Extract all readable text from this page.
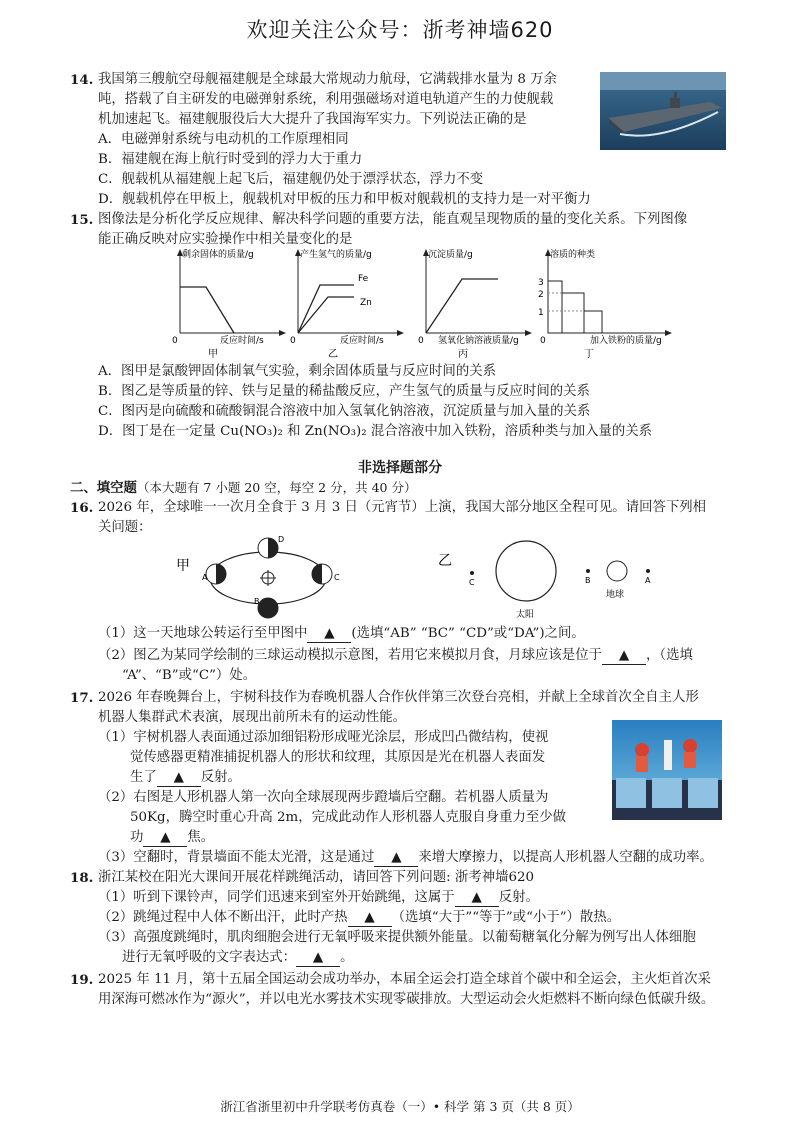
欢迎关注公众号：浙考神墙620
14. 我国第三艘航空母舰福建舰是全球最大常规动力航母，它满载排水量为 8 万余
吨，搭载了自主研发的电磁弹射系统，利用强磁场对道电轨道产生的力使舰载
机加速起飞。福建舰服役后大大提升了我国海军实力。下列说法正确的是
A．电磁弹射系统与电动机的工作原理相同
B．福建舰在海上航行时受到的浮力大于重力
C．舰载机从福建舰上起飞后，福建舰仍处于漂浮状态，浮力不变
D．舰载机停在甲板上，舰载机对甲板的压力和甲板对舰载机的支持力是一对平衡力
15. 图像法是分析化学反应规律、解决科学问题的重要方法，能直观呈现物质的量的变化关系。下列图像
能正确反映对应实验操作中相关量变化的是
剩余固体的质量/g
0	反应时间/s
甲
产生氢气的质量/g
Fe
Zn
0	反应时间/s
乙
沉淀质量/g
0 氢氧化钠溶液质量/g
丙
溶质的种类
3
2
1
0	加入铁粉的质量/g
丁
A．图甲是氯酸钾固体制氧气实验，剩余固体质量与反应时间的关系
B．图乙是等质量的锌、铁与足量的稀盐酸反应，产生氢气的质量与反应时间的关系
C．图丙是向硫酸和硫酸铜混合溶液中加入氢氧化钠溶液，沉淀质量与加入量的关系
D．图丁是在一定量 Cu(NO₃)₂ 和 Zn(NO₃)₂ 混合溶液中加入铁粉，溶质种类与加入量的关系
非选择题部分
二、填空题（本大题有 7 小题 20 空，每空 2 分，共 40 分）
16. 2026 年，全球唯一一次月全食于 3 月 3 日（元宵节）上演，我国大部分地区全程可见。请回答下列相
关问题：
甲
D
A	C
B
乙
C
太阳
B
地球
A
（1）这一天地球公转运行至甲图中 ▲ (选填“AB” “BC” “CD”或“DA”)之间。
（2）图乙为某同学绘制的三球运动模拟示意图，若用它来模拟月食，月球应该是位于 ▲ ，（选填
“A”、“B”或“C”）处。
17. 2026 年春晚舞台上，宇树科技作为春晚机器人合作伙伴第三次登台亮相，并献上全球首次全自主人形
机器人集群武术表演，展现出前所未有的运动性能。
（1）宇树机器人表面通过添加细铝粉形成哑光涂层，形成凹凸微结构，使视
觉传感器更精准捕捉机器人的形状和纹理，其原因是光在机器人表面发
生了 ▲ 反射。
（2）右图是人形机器人第一次向全球展现两步蹬墙后空翻。若机器人质量为
50Kg，腾空时重心升高 2m，完成此动作人形机器人克服自身重力至少做
功 ▲ 焦。
（3）空翻时，背景墙面不能太光滑，这是通过 ▲ 来增大摩擦力，以提高人形机器人空翻的成功率。
18. 浙江某校在阳光大课间开展花样跳绳活动，请回答下列问题: 浙考神墙620
（1）听到下课铃声，同学们迅速来到室外开始跳绳，这属于 ▲ 反射。
（2）跳绳过程中人体不断出汗，此时产热 ▲ （选填“大于”“等于”或“小于”）散热。
（3）高强度跳绳时，肌肉细胞会进行无氧呼吸来提供额外能量。以葡萄糖氧化分解为例写出人体细胞
进行无氧呼吸的文字表达式： ▲ 。
19. 2025 年 11 月，第十五届全国运动会成功举办，本届全运会打造全球首个碳中和全运会，主火炬首次采
用深海可燃冰作为“源火”，并以电光水雾技术实现零碳排放。大型运动会火炬燃料不断向绿色低碳升级。
浙江省浙里初中升学联考仿真卷（一）• 科学 第 3 页（共 8 页）
